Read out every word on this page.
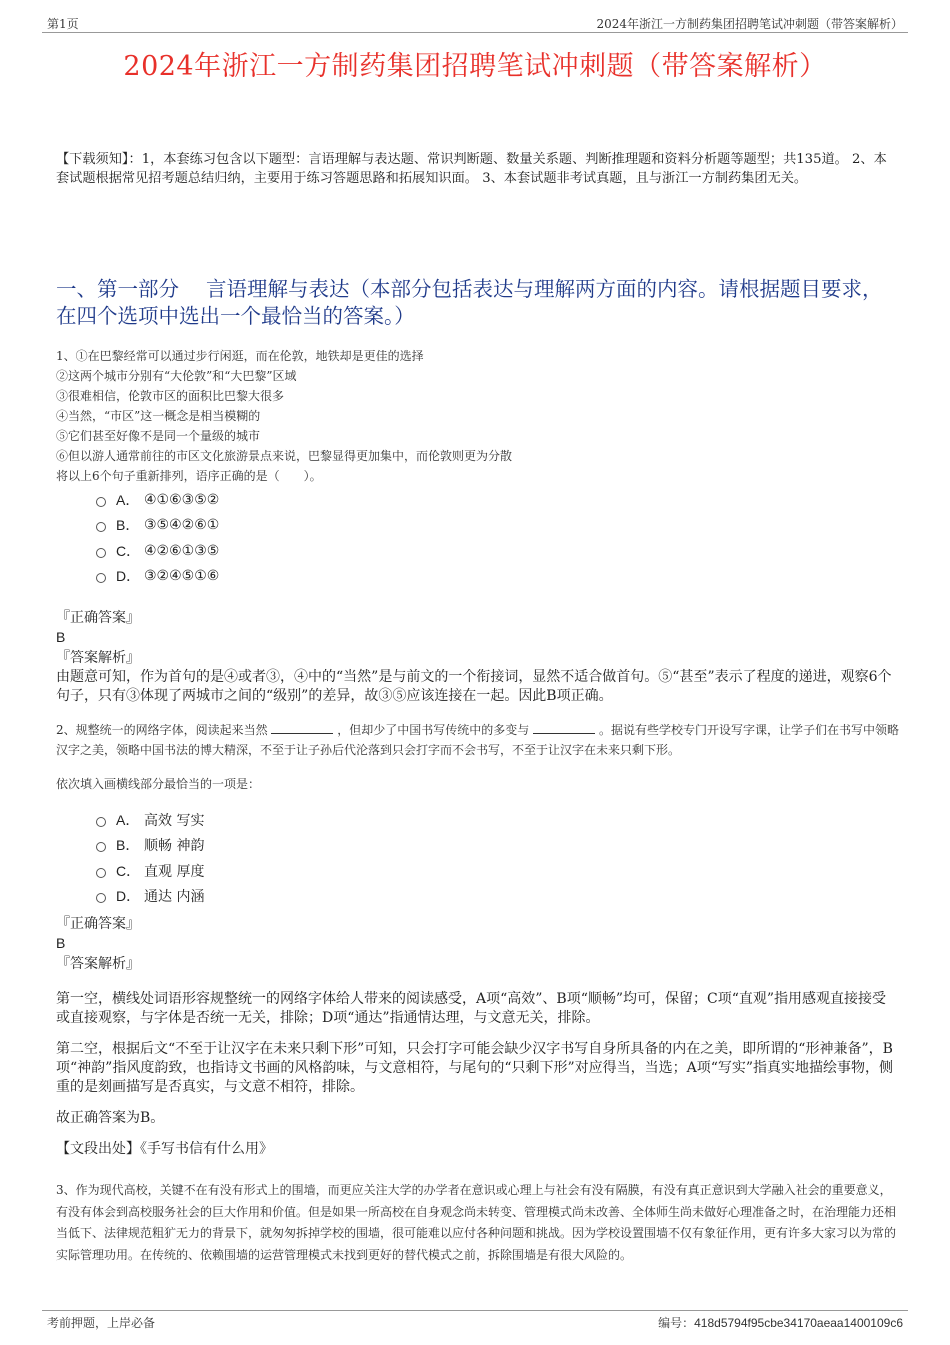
第1页	2024年浙江一方制药集团招聘笔试冲刺题（带答案解析）
2024年浙江一方制药集团招聘笔试冲刺题（带答案解析）
【下载须知】：1，本套练习包含以下题型：言语理解与表达题、常识判断题、数量关系题、判断推理题和资料分析题等题型；共135道。 2、本套试题根据常见招考题总结归纳，主要用于练习答题思路和拓展知识面。 3、本套试题非考试真题，且与浙江一方制药集团无关。
一、第一部分　 言语理解与表达（本部分包括表达与理解两方面的内容。请根据题目要求，在四个选项中选出一个最恰当的答案。）

1、①在巴黎经常可以通过步行闲逛，而在伦敦，地铁却是更佳的选择

②这两个城市分别有“大伦敦”和“大巴黎”区域

③很难相信，伦敦市区的面积比巴黎大很多

④当然，“市区”这一概念是相当模糊的

⑤它们甚至好像不是同一个量级的城市

⑥但以游人通常前往的市区文化旅游景点来说，巴黎显得更加集中，而伦敦则更为分散

将以上6个句子重新排列，语序正确的是（　　）。

A． ④①⑥③⑤②
B． ③⑤④②⑥①
C． ④②⑥①③⑤
D． ③②④⑤①⑥
『正确答案』
B
『答案解析』

由题意可知，作为首句的是④或者③，④中的“当然”是与前文的一个衔接词，显然不适合做首句。⑤“甚至”表示了程度的递进，观察6个句子，只有③体现了两城市之间的“级别”的差异，故③⑤应该连接在一起。因此B项正确。

2、规整统一的网络字体，阅读起来当然	，但却少了中国书写传统中的多变与	。据说有些学校专门开设写字课，让学子们在书写中领略汉字之美，领略中国书法的博大精深，不至于让子孙后代沦落到只会打字而不会书写，不至于让汉字在未来只剩下形。

依次填入画横线部分最恰当的一项是：
A． 高效 写实
B． 顺畅 神韵
C． 直观 厚度
D． 通达 内涵
『正确答案』
B
『答案解析』

第一空，横线处词语形容规整统一的网络字体给人带来的阅读感受，A项“高效”、B项“顺畅”均可，保留；C项“直观”指用感观直接接受或直接观察，与字体是否统一无关，排除；D项“通达”指通情达理，与文意无关，排除。

第二空，根据后文“不至于让汉字在未来只剩下形”可知，只会打字可能会缺少汉字书写自身所具备的内在之美，即所谓的“形神兼备”，B项“神韵”指风度韵致，也指诗文书画的风格韵味，与文意相符，与尾句的“只剩下形”对应得当，当选；A项“写实”指真实地描绘事物，侧重的是刻画描写是否真实，与文意不相符，排除。

故正确答案为B。

【文段出处】《手写书信有什么用》

3、作为现代高校，关键不在有没有形式上的围墙，而更应关注大学的办学者在意识或心理上与社会有没有隔膜，有没有真正意识到大学融入社会的重要意义，有没有体会到高校服务社会的巨大作用和价值。但是如果一所高校在自身观念尚未转变、管理模式尚未改善、全体师生尚未做好心理准备之时，在治理能力还相当低下、法律规范粗犷无力的背景下，就匆匆拆掉学校的围墙，很可能难以应付各种问题和挑战。因为学校设置围墙不仅有象征作用，更有许多大家习以为常的实际管理功用。在传统的、依赖围墙的运营管理模式未找到更好的替代模式之前，拆除围墙是有很大风险的。

考前押题，上岸必备	编号：418d5794f95cbe34170aeaa1400109c6
